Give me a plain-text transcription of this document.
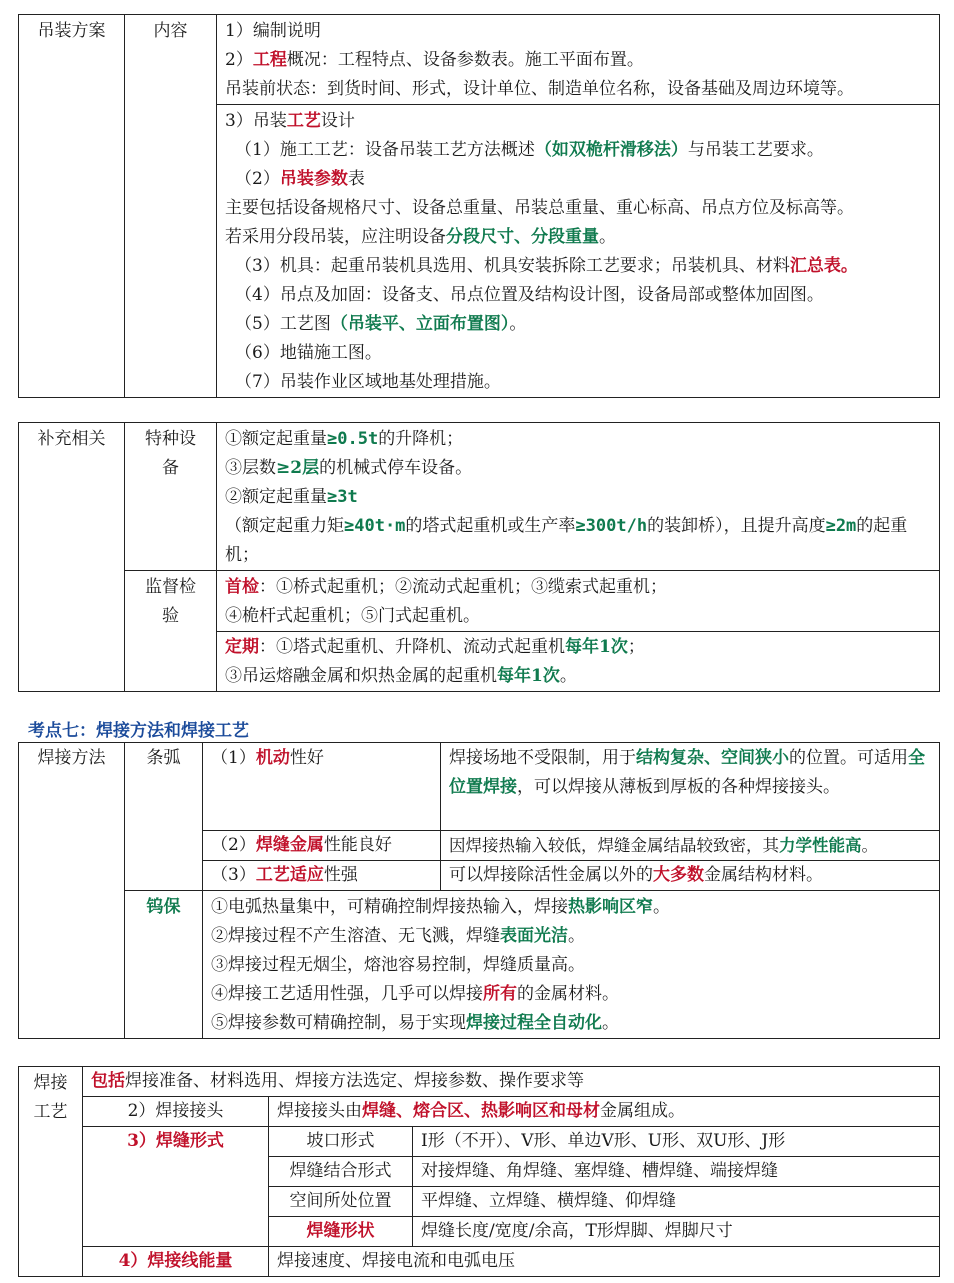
吊装方案	内容	1）编制说明
2）工程概况：工程特点、设备参数表。施工平面布置。
吊装前状态：到货时间、形式，设计单位、制造单位名称，设备基础及周边环境等。

3）吊装工艺设计
（1）施工工艺：设备吊装工艺方法概述（如双桅杆滑移法）与吊装工艺要求。
（2）吊装参数表
主要包括设备规格尺寸、设备总重量、吊装总重量、重心标高、吊点方位及标高等。
若采用分段吊装，应注明设备分段尺寸、分段重量。
（3）机具：起重吊装机具选用、机具安装拆除工艺要求；吊装机具、材料汇总表。
（4）吊点及加固：设备支、吊点位置及结构设计图，设备局部或整体加固图。
（5）工艺图（吊装平、立面布置图）。
（6）地锚施工图。
（7）吊装作业区域地基处理措施。
补充相关	特种设备	①额定起重量≥0.5t的升降机；
③层数≥2层的机械式停车设备。
②额定起重量≥3t
（额定起重力矩≥40t·m的塔式起重机或生产率≥300t/h的装卸桥），且提升高度≥2m的起重机；

	监督检验	首检：①桥式起重机；②流动式起重机；③缆索式起重机；
④桅杆式起重机；⑤门式起重机。

		定期：①塔式起重机、升降机、流动式起重机每年1次；
③吊运熔融金属和炽热金属的起重机每年1次。
考点七：焊接方法和焊接工艺
焊接方法	条弧	（1）机动性好	焊接场地不受限制，用于结构复杂、空间狭小的位置。可适用全位置焊接，可以焊接从薄板到厚板的各种焊接接头。
		（2）焊缝金属性能良好	因焊接热输入较低，焊缝金属结晶较致密，其力学性能高。
		（3）工艺适应性强	可以焊接除活性金属以外的大多数金属结构材料。
	钨保	①电弧热量集中，可精确控制焊接热输入，焊接热影响区窄。
②焊接过程不产生溶渣、无飞溅，焊缝表面光洁。
③焊接过程无烟尘，熔池容易控制，焊缝质量高。
④焊接工艺适用性强，几乎可以焊接所有的金属材料。
⑤焊接参数可精确控制，易于实现焊接过程全自动化。	
焊接工艺	包括焊接准备、材料选用、焊接方法选定、焊接参数、操作要求等		
	2）焊接接头	焊接接头由焊缝、熔合区、热影响区和母材金属组成。	
	3）焊缝形式	坡口形式	I形（不开）、V形、单边V形、U形、双U形、J形
		焊缝结合形式	对接焊缝、角焊缝、塞焊缝、槽焊缝、端接焊缝
		空间所处位置	平焊缝、立焊缝、横焊缝、仰焊缝
		焊缝形状	焊缝长度/宽度/余高，T形焊脚、焊脚尺寸
	4）焊接线能量	焊接速度、焊接电流和电弧电压	
